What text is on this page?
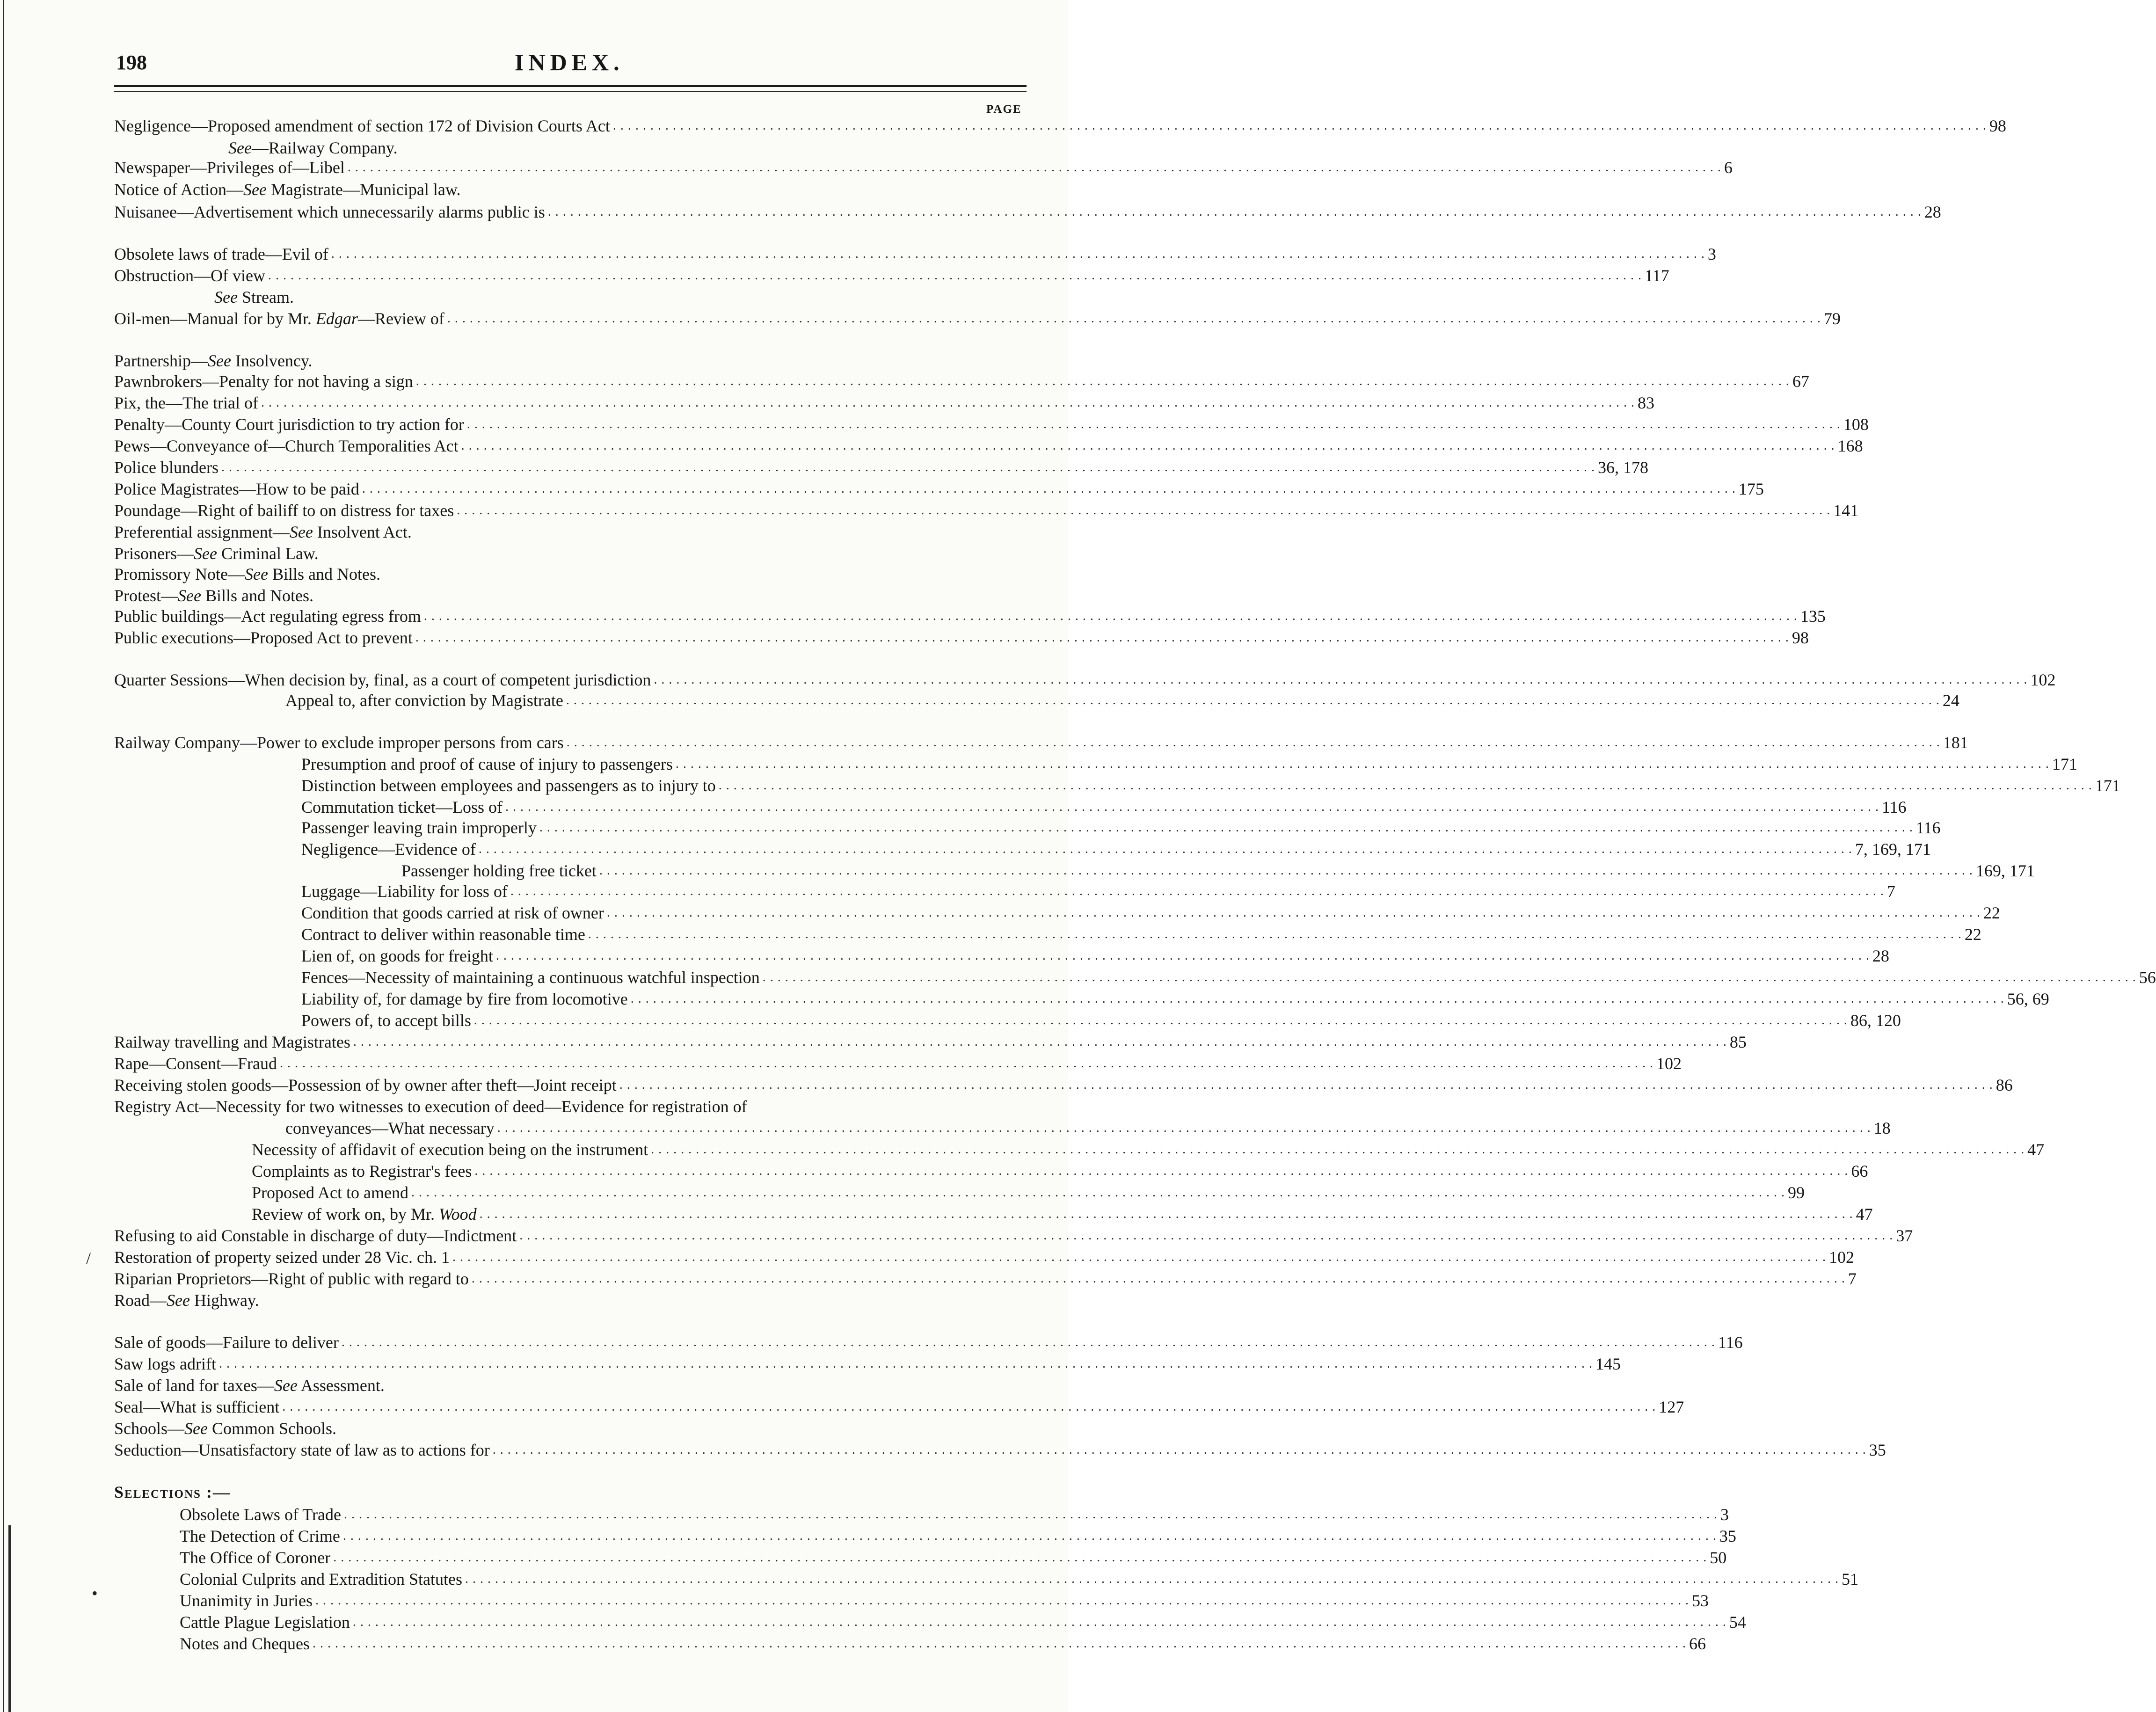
198	INDEX.
PAGE
Negligence—Proposed amendment of section 172 of Division Courts Act . . .	98
See—Railway Company.
Newspaper—Privileges of—Libel . . .	6
Notice of Action—See Magistrate—Municipal law.
Nuisanee—Advertisement which unnecessarily alarms public is . . .	28
Obsolete laws of trade—Evil of . . .	3
Obstruction—Of view . . .	117
See Stream.
Oil-men—Manual for by Mr. Edgar—Review of . . .	79
Partnership—See Insolvency.
Pawnbrokers—Penalty for not having a sign . . .	67
Pix, the—The trial of . . .	83
Penalty—County Court jurisdiction to try action for . . .	108
Pews—Conveyance of—Church Temporalities Act . . .	168
Police blunders . . .	36, 178
Police Magistrates—How to be paid . . .	175
Poundage—Right of bailiff to on distress for taxes . . .	141
Preferential assignment—See Insolvent Act.
Prisoners—See Criminal Law.
Promissory Note—See Bills and Notes.
Protest—See Bills and Notes.
Public buildings—Act regulating egress from . . .	135
Public executions—Proposed Act to prevent . . .	98
Quarter Sessions—When decision by, final, as a court of competent jurisdiction . . .	102
Appeal to, after conviction by Magistrate . . .	24
Railway Company—Power to exclude improper persons from cars . . .	181
Presumption and proof of cause of injury to passengers . . .	171
Distinction between employees and passengers as to injury to . . .	171
Commutation ticket—Loss of . . .	116
Passenger leaving train improperly . . .	116
Negligence—Evidence of . . .	7, 169, 171
Passenger holding free ticket . . .	169, 171
Luggage—Liability for loss of . . .	7
Condition that goods carried at risk of owner . . .	22
Contract to deliver within reasonable time . . .	22
Lien of, on goods for freight . . .	28
Fences—Necessity of maintaining a continuous watchful inspection . . .	56
Liability of, for damage by fire from locomotive . . .	56, 69
Powers of, to accept bills . . .	86, 120
Railway travelling and Magistrates . . .	85
Rape—Consent—Fraud . . .	102
Receiving stolen goods—Possession of by owner after theft—Joint receipt . . .	86
Registry Act—Necessity for two witnesses to execution of deed—Evidence for registration of
conveyances—What necessary . . .	18
Necessity of affidavit of execution being on the instrument . . .	47
Complaints as to Registrar's fees . . .	66
Proposed Act to amend . . .	99
Review of work on, by Mr. Wood . . .	47
Refusing to aid Constable in discharge of duty—Indictment . . .	37
Restoration of property seized under 28 Vic. ch. 1 . . .	102
Riparian Proprietors—Right of public with regard to . . .	7
Road—See Highway.
Sale of goods—Failure to deliver . . .	116
Saw logs adrift . . .	145
Sale of land for taxes—See Assessment.
Seal—What is sufficient . . .	127
Schools—See Common Schools.
Seduction—Unsatisfactory state of law as to actions for . . .	35
Selections :—
Obsolete Laws of Trade . . .	3
The Detection of Crime . . .	35
The Office of Coroner . . .	50
Colonial Culprits and Extradition Statutes . . .	51
Unanimity in Juries . . .	53
Cattle Plague Legislation . . .	54
Notes and Cheques . . .	66
/
•
